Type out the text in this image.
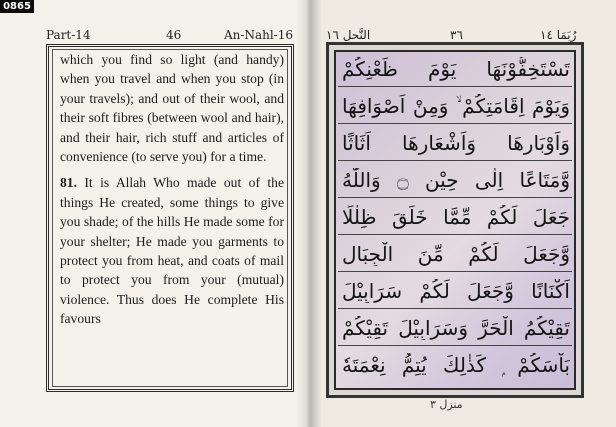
0865
Part-14	46	An-Nahl-16

which you find so light (and handy) when you travel and when you stop (in your travels); and out of their wool, and their soft fibres (between wool and hair), and their hair, rich stuff and articles of convenience (to serve you) for a time.

81. It is Allah Who made out of the things He created, some things to give you shade; of the hills He made some for your shelter; He made you garments to protect you from heat, and coats of mail to protect you from your (mutual) violence. Thus does He complete His favours

النَّحل ١٦	٣٦	رُبَمَا ١٤
تَسْتَخِفُّوْنَهَا يَوْمَ ظَعْنِكُمْ
وَيَوْمَ اِقَامَتِكُمْ ۙ وَمِنْ اَصْوَافِهَا
وَاَوْبَارِهَا وَاَشْعَارِهَا اَثَاثًا
وَّمَتَاعًا اِلٰى حِيْنٍ ۝ وَاللّٰهُ
جَعَلَ لَكُمْ مِّمَّا خَلَقَ ظِلٰلًا
وَّجَعَلَ لَكُمْ مِّنَ الْجِبَالِ
اَكْنَانًا وَّجَعَلَ لَكُمْ سَرَابِيْلَ
تَقِيْكُمُ الْحَرَّ وَسَرَابِيْلَ تَقِيْكُمْ
بَاْسَكُمْ ۭ كَذٰلِكَ يُتِمُّ نِعْمَتَهٗ
منزل ٣
